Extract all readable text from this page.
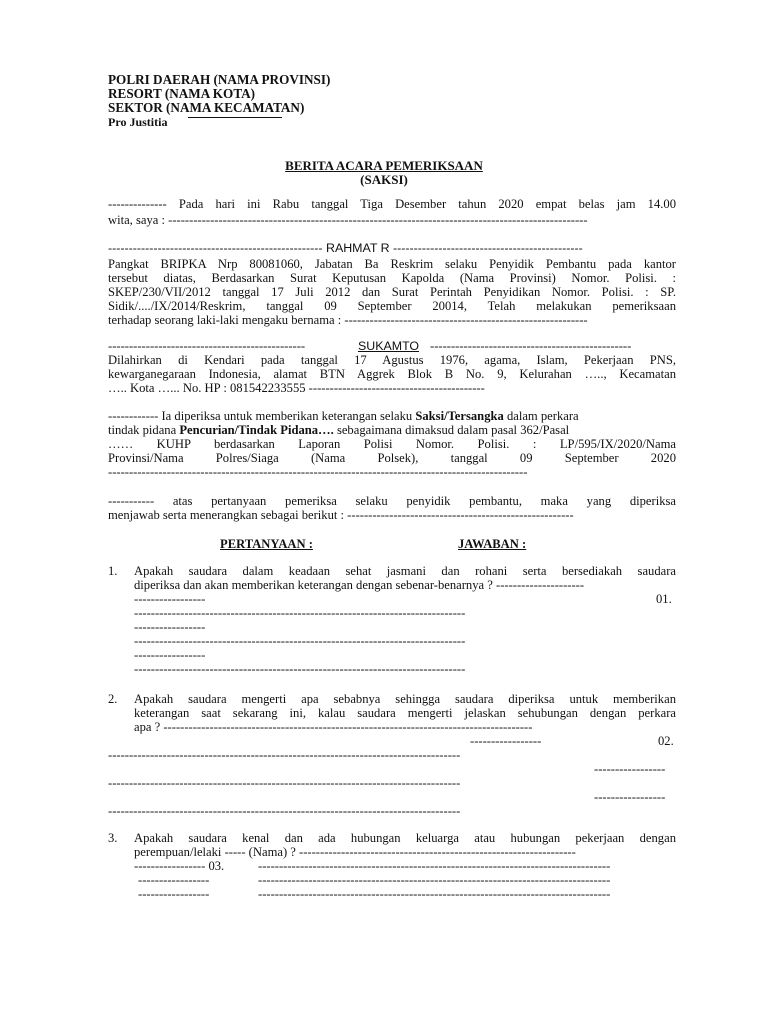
POLRI DAERAH (NAMA PROVINSI)
RESORT (NAMA KOTA)
SEKTOR (NAMA KECAMATAN)
Pro Justitia
BERITA ACARA PEMERIKSAAN
(SAKSI)
-------------- Pada hari ini Rabu tanggal Tiga Desember tahun 2020 empat belas jam 14.00
wita, saya : ----------------------------------------------------------------------------------------------------
---------------------------------------------------- RAHMAT R ----------------------------------------------
Pangkat BRIPKA Nrp 80081060, Jabatan Ba Reskrim selaku Penyidik Pembantu pada kantor
tersebut diatas, Berdasarkan Surat Keputusan Kapolda (Nama Provinsi) Nomor. Polisi. :
SKEP/230/VII/2012 tanggal 17 Juli 2012 dan Surat Perintah Penyidikan Nomor. Polisi. : SP.
Sidik/..../IX/2014/Reskrim, tanggal 09 September 20014, Telah melakukan pemeriksaan
terhadap seorang laki-laki mengaku bernama : ----------------------------------------------------------
-----------------------------------------------	SUKAMTO ------------------------------------------------
Dilahirkan di Kendari pada tanggal 17 Agustus 1976, agama, Islam, Pekerjaan PNS,
kewarganegaraan Indonesia, alamat BTN Aggrek Blok B No. 9, Kelurahan ….., Kecamatan
….. Kota …... No. HP : 081542233555 ------------------------------------------
------------ Ia diperiksa untuk memberikan keterangan selaku Saksi/Tersangka dalam perkara
tindak pidana Pencurian/Tindak Pidana…. sebagaimana dimaksud dalam pasal 362/Pasal
…… KUHP berdasarkan Laporan Polisi Nomor. Polisi. : LP/595/IX/2020/Nama
Provinsi/Nama Polres/Siaga (Nama Polsek), tanggal 09 September 2020
----------------------------------------------------------------------------------------------------
----------- atas pertanyaan pemeriksa selaku penyidik pembantu, maka yang diperiksa
menjawab serta menerangkan sebagai berikut : ------------------------------------------------------
PERTANYAAN :	JAWABAN :
1. Apakah saudara dalam keadaan sehat jasmani dan rohani serta bersediakah saudara
diperiksa dan akan memberikan keterangan dengan sebenar-benarnya ? ---------------------
-----------------	01.
-------------------------------------------------------------------------------
-----------------
-------------------------------------------------------------------------------
-----------------
-------------------------------------------------------------------------------
2. Apakah saudara mengerti apa sebabnya sehingga saudara diperiksa untuk memberikan
keterangan saat sekarang ini, kalau saudara mengerti jelaskan sehubungan dengan perkara
apa ? ----------------------------------------------------------------------------------------
-----------------	02.
------------------------------------------------------------------------------------
-----------------
------------------------------------------------------------------------------------
-----------------
------------------------------------------------------------------------------------
3. Apakah saudara kenal dan ada hubungan keluarga atau hubungan pekerjaan dengan
perempuan/lelaki ----- (Nama) ? ------------------------------------------------------------------
----------------- 03.	------------------------------------------------------------------------------------
-----------------	------------------------------------------------------------------------------------
-----------------	------------------------------------------------------------------------------------
